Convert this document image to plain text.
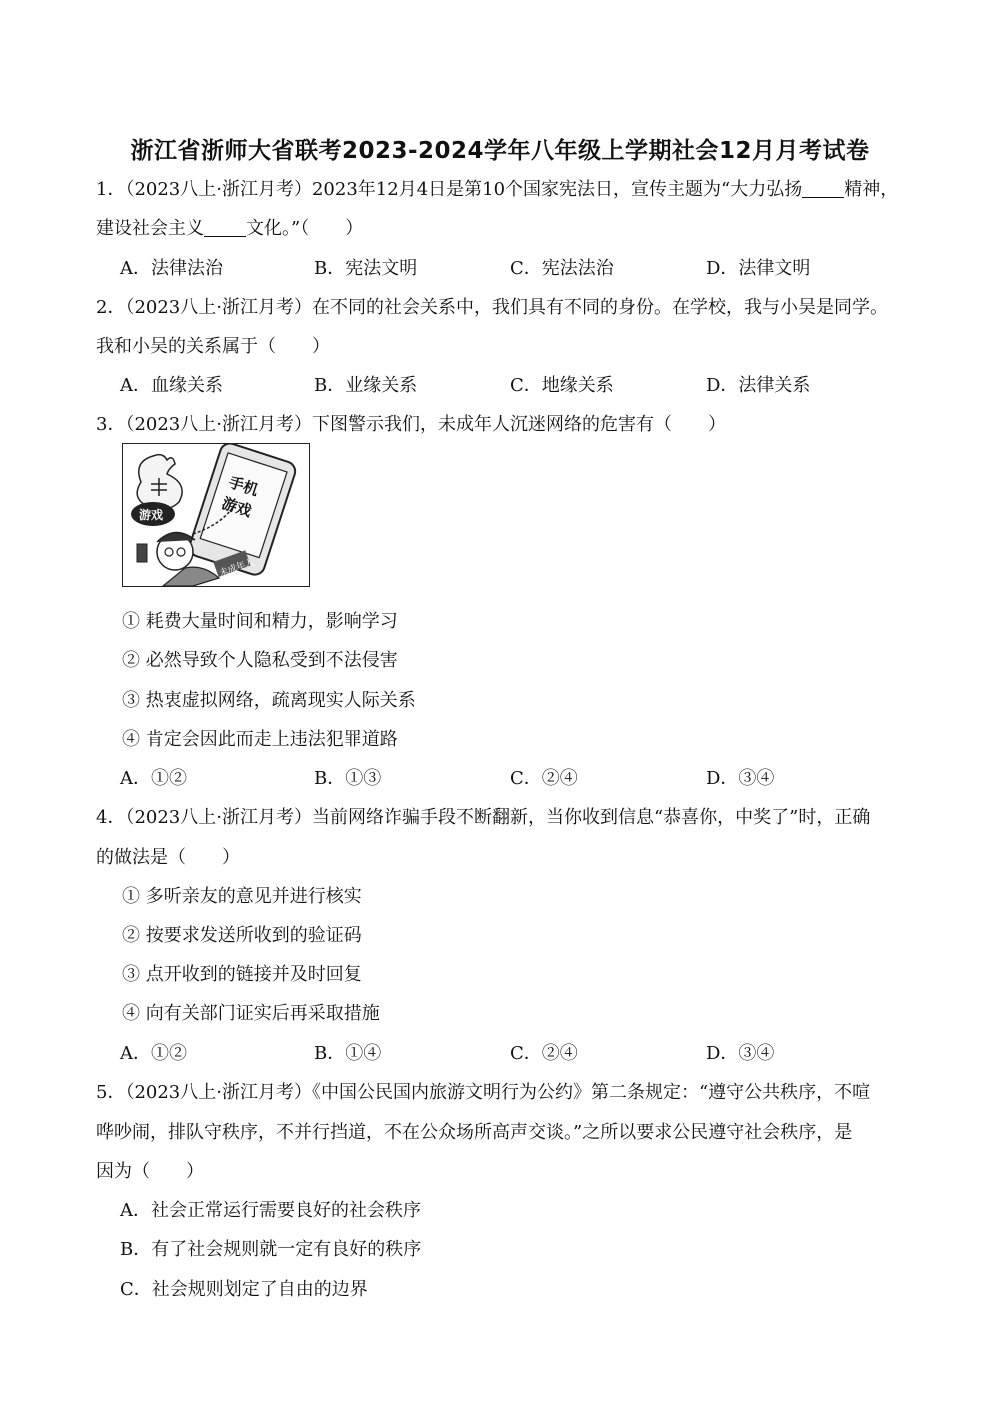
浙江省浙师大省联考2023-2024学年八年级上学期社会12月月考试卷
1．（2023八上·浙江月考）2023年12月4日是第10个国家宪法日，宣传主题为“大力弘扬 精神，
建设社会主义 文化。”（　　）
A．法律法治	B．宪法文明	C．宪法法治	D．法律文明
2．（2023八上·浙江月考）在不同的社会关系中，我们具有不同的身份。在学校，我与小吴是同学。
我和小吴的关系属于（　　）
A．血缘关系	B．业缘关系	C．地缘关系	D．法律关系
3．（2023八上·浙江月考）下图警示我们，未成年人沉迷网络的危害有（　　）
手机
游戏
游戏
未成年人
① 耗费大量时间和精力，影响学习
② 必然导致个人隐私受到不法侵害
③ 热衷虚拟网络，疏离现实人际关系
④ 肯定会因此而走上违法犯罪道路
A．①②	B．①③	C．②④	D．③④
4．（2023八上·浙江月考）当前网络诈骗手段不断翻新，当你收到信息“恭喜你，中奖了”时，正确
的做法是（　　）
① 多听亲友的意见并进行核实
② 按要求发送所收到的验证码
③ 点开收到的链接并及时回复
④ 向有关部门证实后再采取措施
A．①②	B．①④	C．②④	D．③④
5．（2023八上·浙江月考）《中国公民国内旅游文明行为公约》第二条规定：“遵守公共秩序，不喧
哗吵闹，排队守秩序，不并行挡道，不在公众场所高声交谈。”之所以要求公民遵守社会秩序，是
因为（　　）
A．社会正常运行需要良好的社会秩序
B．有了社会规则就一定有良好的秩序
C．社会规则划定了自由的边界
